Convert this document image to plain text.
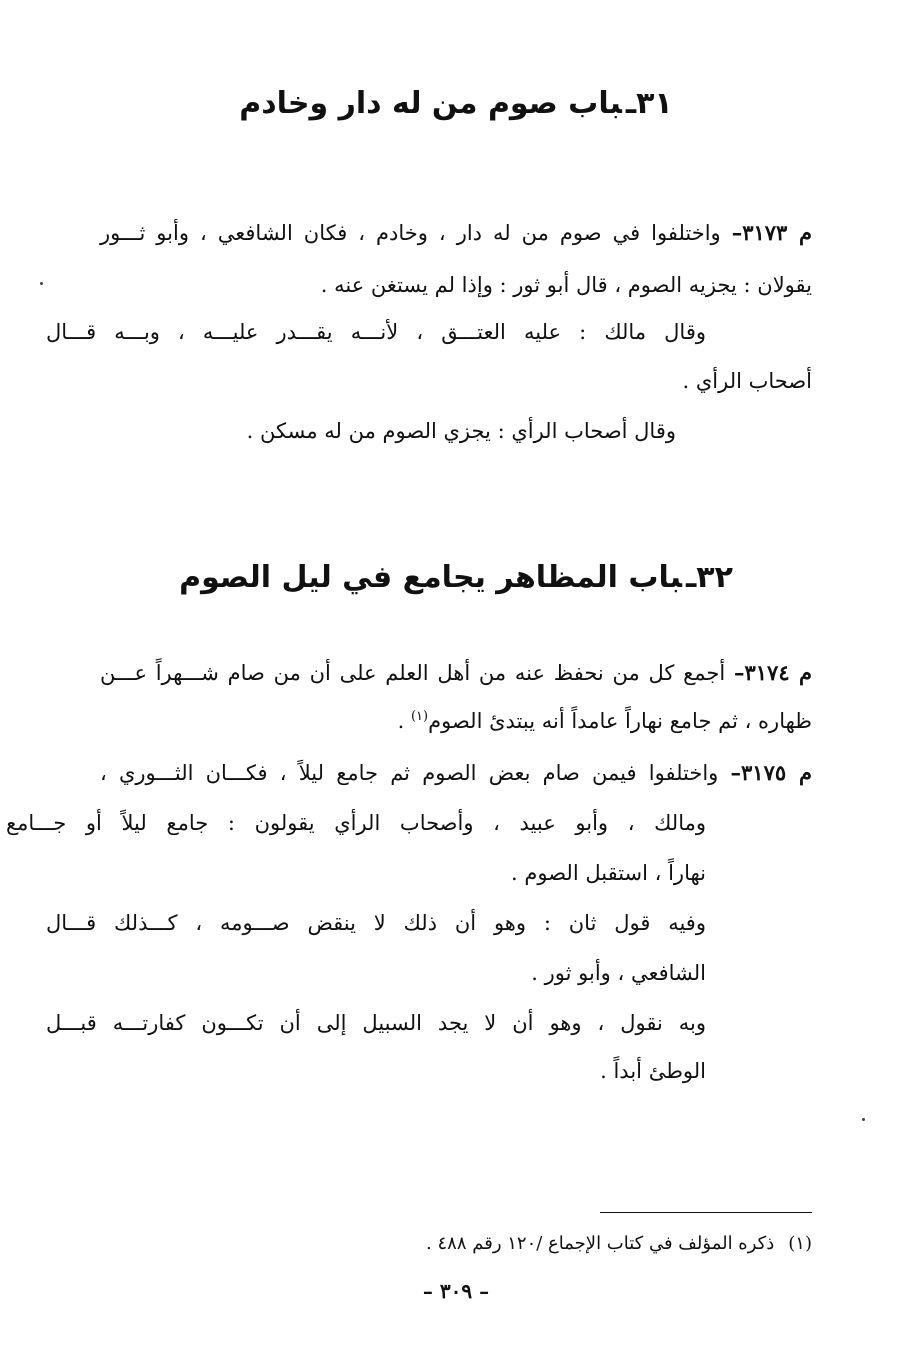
٣١ـباب صوم من له دار وخادم
م ٣١٧٣– واختلفوا في صوم من له دار ، وخادم ، فكان الشافعي ، وأبو ثـــور
يقولان : يجزيه الصوم ، قال أبو ثور : وإذا لم يستغن عنه .
وقال مالك : عليه العتـــق ، لأنـــه يقـــدر عليـــه ، وبـــه قـــال
أصحاب الرأي .
وقال أصحاب الرأي : يجزي الصوم من له مسكن .
٣٢ـباب المظاهر يجامع في ليل الصوم
م ٣١٧٤– أجمع كل من نحفظ عنه من أهل العلم على أن من صام شـــهراً عـــن
ظهاره ، ثم جامع نهاراً عامداً أنه يبتدئ الصوم$^{(١)}$ .
م ٣١٧٥– واختلفوا فيمن صام بعض الصوم ثم جامع ليلاً ، فكـــان الثـــوري ،
ومالك ، وأبو عبيد ، وأصحاب الرأي يقولون : جامع ليلاً أو جـــامع
نهاراً ، استقبل الصوم .
وفيه قول ثان : وهو أن ذلك لا ينقض صـــومه ، كـــذلك قـــال
الشافعي ، وأبو ثور .
وبه نقول ، وهو أن لا يجد السبيل إلى أن تكـــون كفارتـــه قبـــل
الوطئ أبداً .
(١)ذكره المؤلف في كتاب الإجماع /١٢٠ رقم ٤٨٨ .
– ٣٠٩ –
